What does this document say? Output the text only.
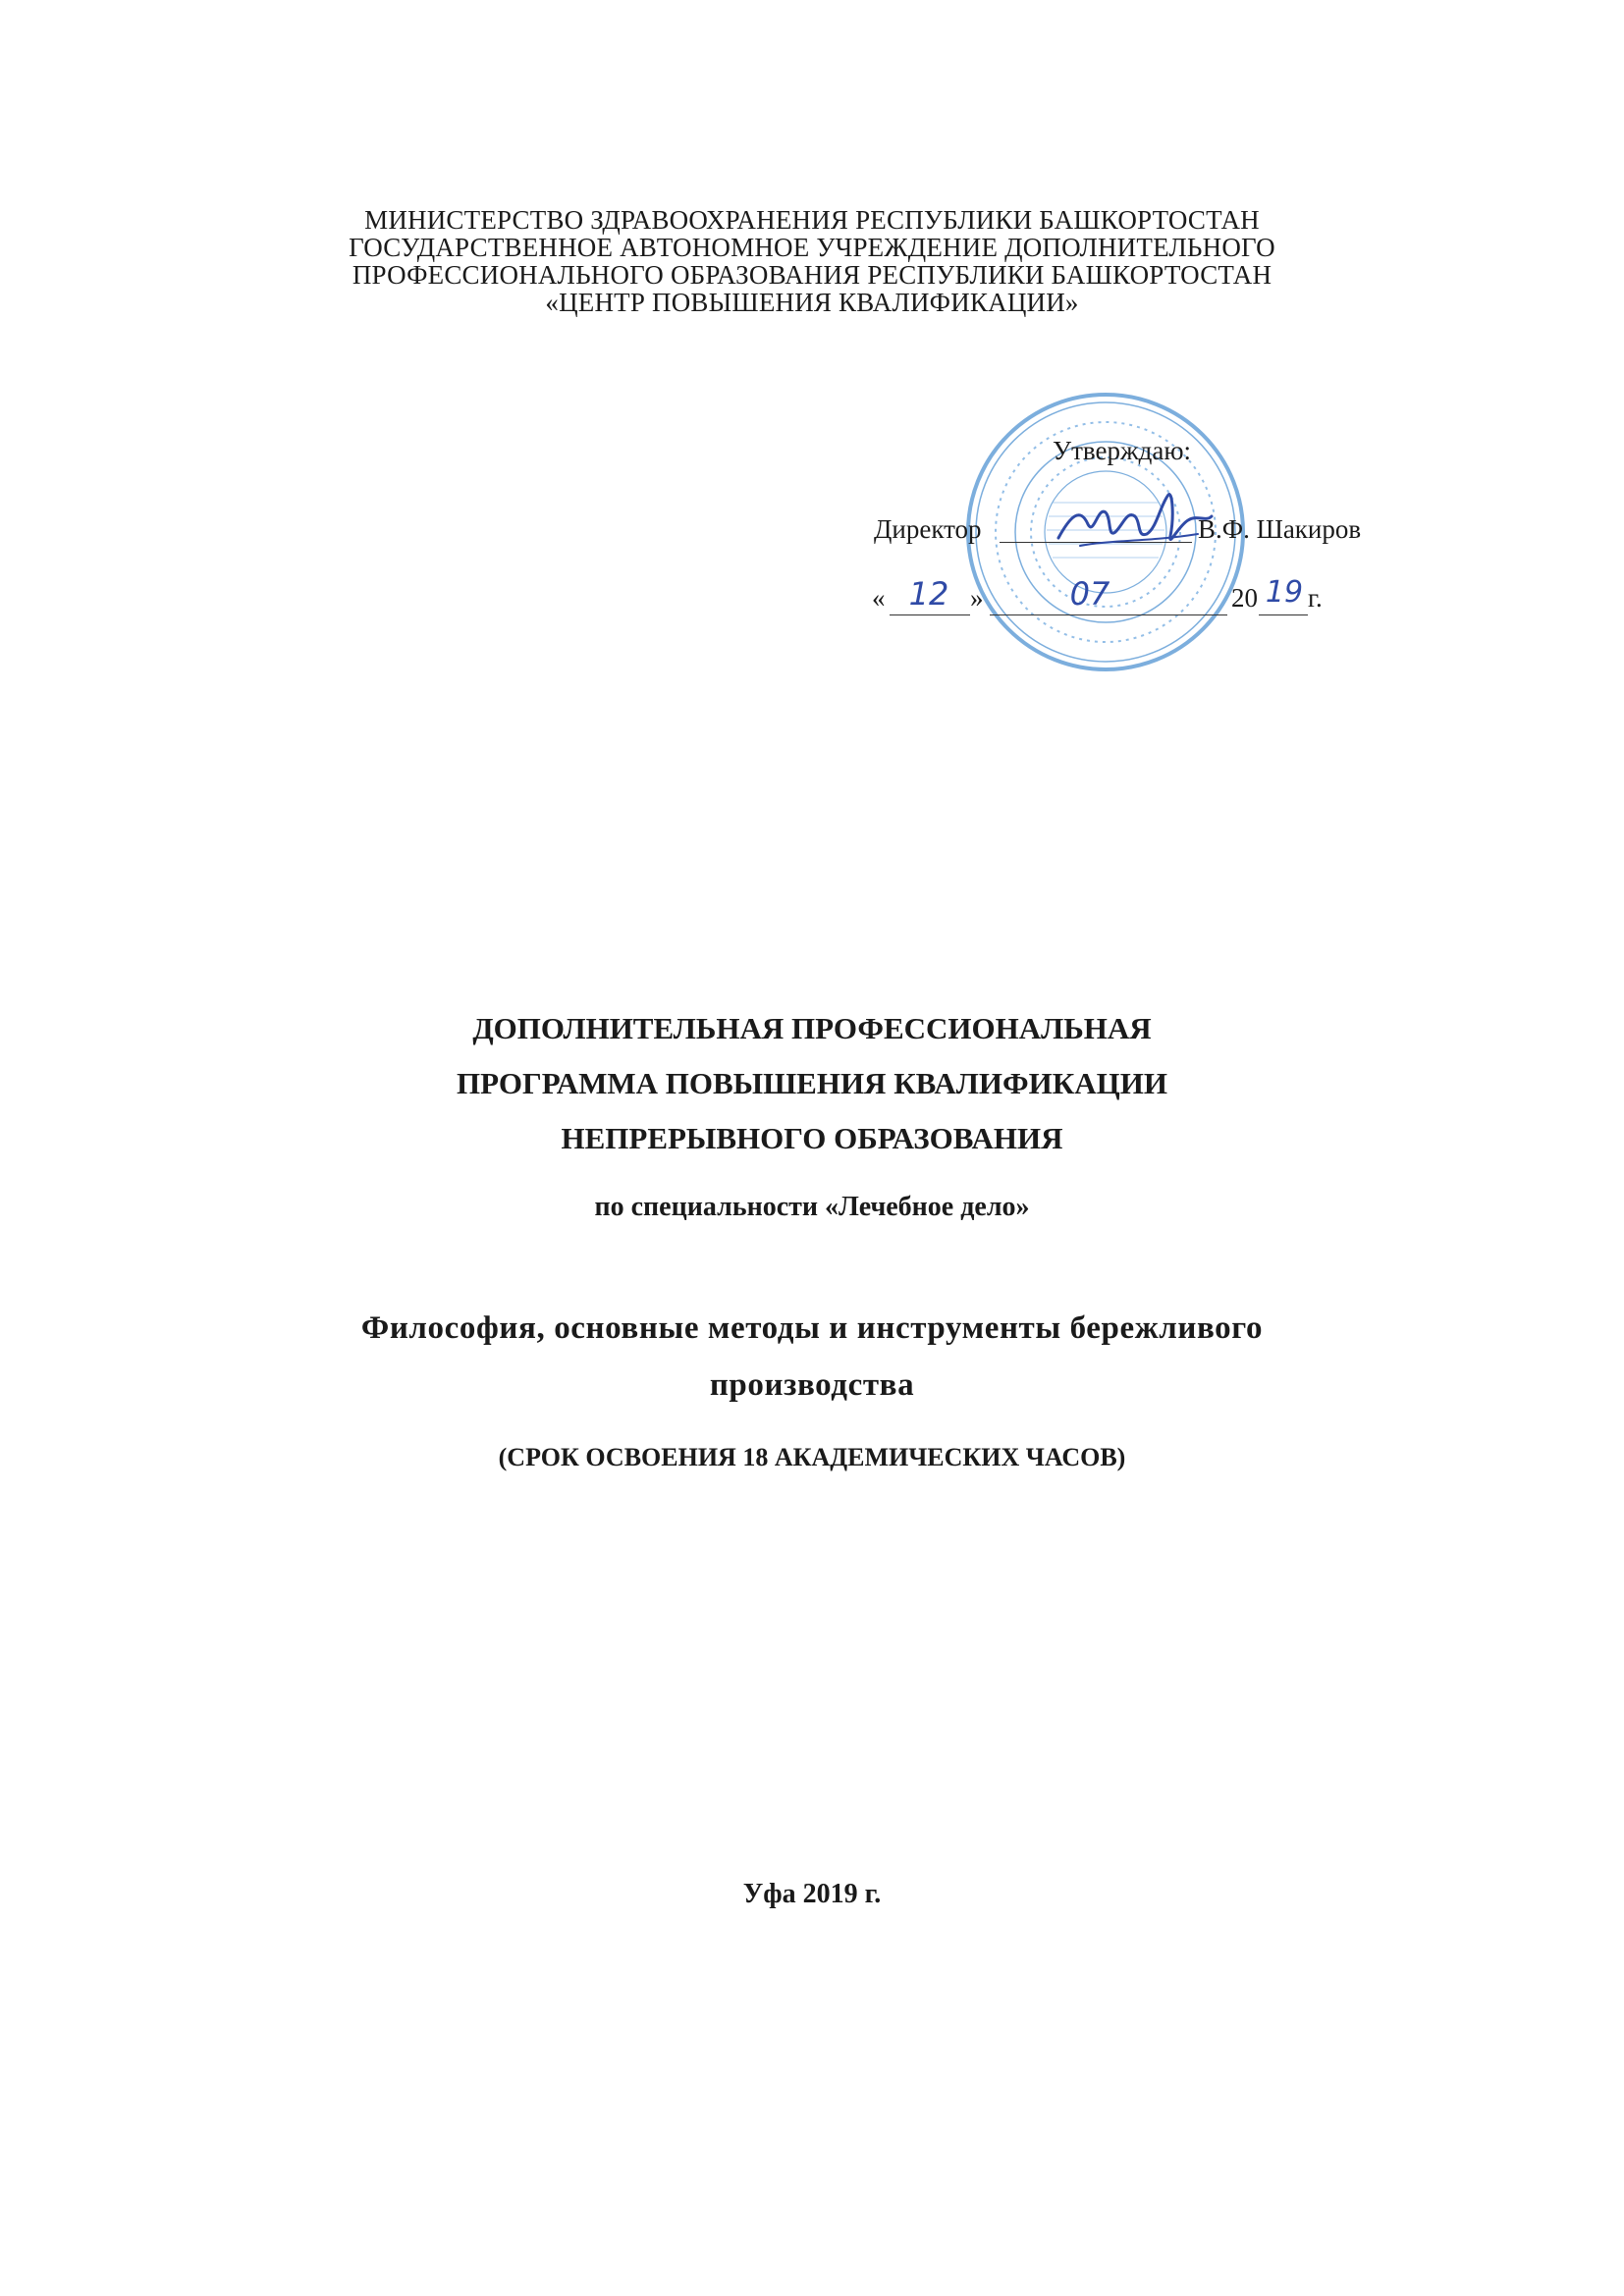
МИНИСТЕРСТВО ЗДРАВООХРАНЕНИЯ РЕСПУБЛИКИ БАШКОРТОСТАН
ГОСУДАРСТВЕННОЕ АВТОНОМНОЕ УЧРЕЖДЕНИЕ ДОПОЛНИТЕЛЬНОГО
ПРОФЕССИОНАЛЬНОГО ОБРАЗОВАНИЯ РЕСПУБЛИКИ БАШКОРТОСТАН
«ЦЕНТР ПОВЫШЕНИЯ КВАЛИФИКАЦИИ»
Утверждаю:
Директор	В.Ф. Шакиров
« 12 »	07	20 19 г.
ДОПОЛНИТЕЛЬНАЯ ПРОФЕССИОНАЛЬНАЯ
ПРОГРАММА ПОВЫШЕНИЯ КВАЛИФИКАЦИИ
НЕПРЕРЫВНОГО ОБРАЗОВАНИЯ
по специальности «Лечебное дело»
Философия, основные методы и инструменты бережливого
производства
(СРОК ОСВОЕНИЯ 18 АКАДЕМИЧЕСКИХ ЧАСОВ)
Уфа 2019 г.
